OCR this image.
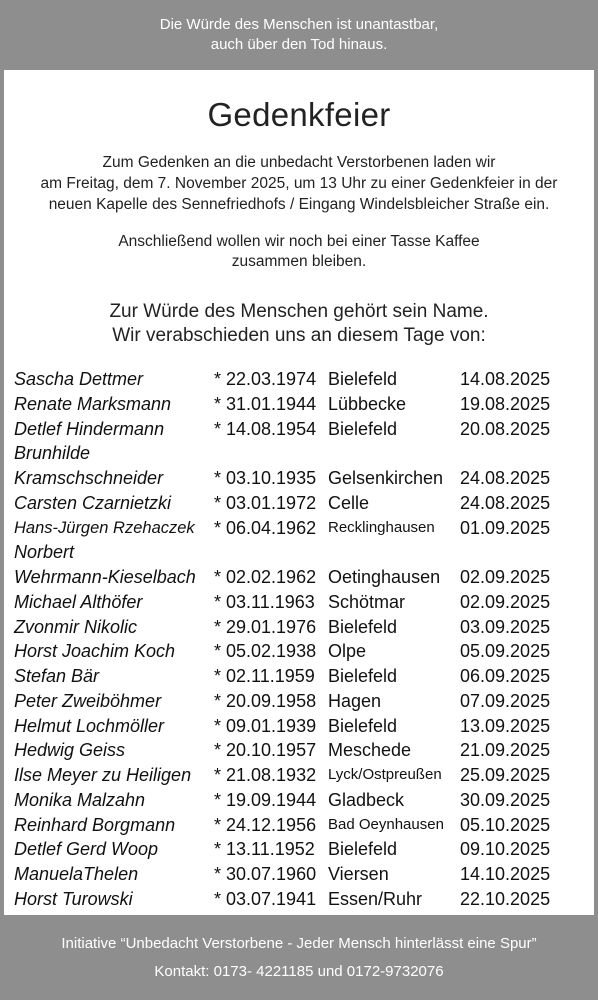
Die Würde des Menschen ist unantastbar,
auch über den Tod hinaus.
Gedenkfeier
Zum Gedenken an die unbedacht Verstorbenen laden wir
am Freitag, dem 7. November 2025, um 13 Uhr zu einer Gedenkfeier in der
neuen Kapelle des Sennefriedhofs / Eingang Windelsbleicher Straße ein.
Anschließend wollen wir noch bei einer Tasse Kaffee
zusammen bleiben.
Zur Würde des Menschen gehört sein Name.
Wir verabschieden uns an diesem Tage von:
Sascha Dettmer	* 22.03.1974 Bielefeld	14.08.2025
Renate Marksmann * 31.01.1944 Lübbecke	19.08.2025
Detlef Hindermann	* 14.08.1954 Bielefeld	20.08.2025
Brunhilde
Kramschschneider	* 03.10.1935 Gelsenkirchen 24.08.2025
Carsten Czarnietzki * 03.01.1972 Celle	24.08.2025
Hans-Jürgen Rzehaczek * 06.04.1962 Recklinghausen 01.09.2025
Norbert
Wehrmann-Kieselbach * 02.02.1962 Oetinghausen 02.09.2025
Michael Althöfer	* 03.11.1963 Schötmar	02.09.2025
Zvonmir Nikolic	* 29.01.1976 Bielefeld	03.09.2025
Horst Joachim Koch * 05.02.1938 Olpe	05.09.2025
Stefan Bär	* 02.11.1959 Bielefeld	06.09.2025
Peter Zweiböhmer	* 20.09.1958 Hagen	07.09.2025
Helmut Lochmöller	* 09.01.1939 Bielefeld	13.09.2025
Hedwig Geiss	* 20.10.1957 Meschede	21.09.2025
Ilse Meyer zu Heiligen * 21.08.1932 Lyck/Ostpreußen 25.09.2025
Monika Malzahn	* 19.09.1944 Gladbeck	30.09.2025
Reinhard Borgmann * 24.12.1956 Bad Oeynhausen 05.10.2025
Detlef Gerd Woop	* 13.11.1952 Bielefeld	09.10.2025
ManuelaThelen	* 30.07.1960 Viersen	14.10.2025
Horst Turowski	* 03.07.1941 Essen/Ruhr 22.10.2025
Initiative “Unbedacht Verstorbene - Jeder Mensch hinterlässt eine Spur”
Kontakt: 0173- 4221185 und 0172-9732076
